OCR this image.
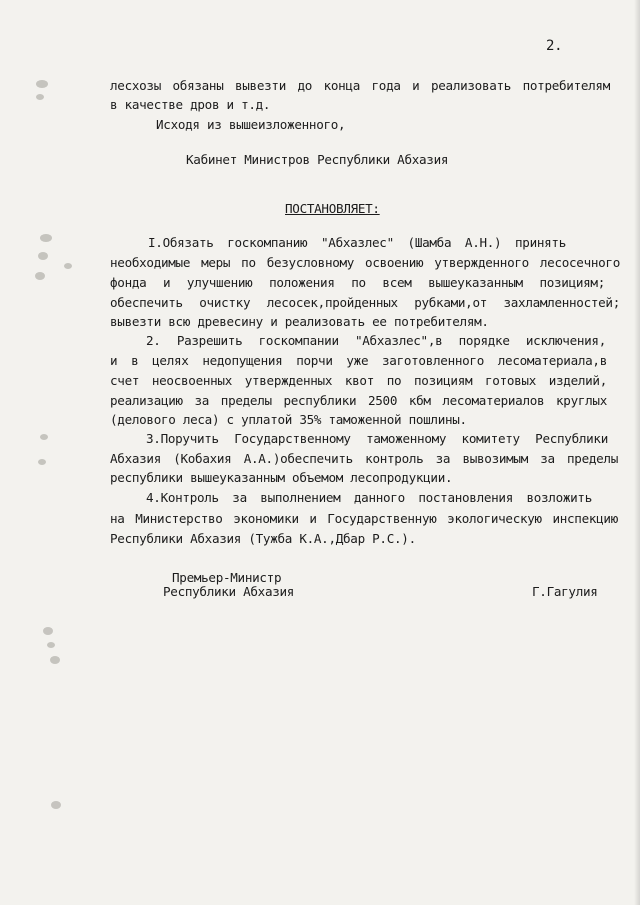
2.
лесхозы обязаны вывезти до конца года и реализовать потребителям
в качестве дров и т.д.
Исходя из вышеизложенного,
Кабинет Министров Республики Абхазия
ПОСТАНОВЛЯЕТ:
I.Обязать госкомпанию "Абхазлес" (Шамба А.Н.) принять
необходимые меры по безусловному освоению утвержденного лесосечного
фонда и улучшению положения по всем вышеуказанным позициям;
обеспечить очистку лесосек,пройденных рубками,от захламленностей;
вывезти всю древесину и реализовать ее потребителям.
2. Разрешить госкомпании "Абхазлес",в порядке исключения,
и в целях недопущения порчи уже заготовленного лесоматериала,в
счет неосвоенных утвержденных квот по позициям готовых изделий,
реализацию за пределы республики 2500 кбм лесоматериалов круглых
(делового леса) с уплатой 35% таможенной пошлины.
3.Поручить Государственному таможенному комитету Республики
Абхазия (Кобахия А.А.)обеспечить контроль за вывозимым за пределы
республики вышеуказанным объемом лесопродукции.
4.Контроль за выполнением данного постановления возложить
на Министерство экономики и Государственную экологическую инспекцию Республики Абхазия (Тужба К.А.,Дбар Р.С.).
Премьер-Министр
Республики Абхазия	Г.Гагулия
